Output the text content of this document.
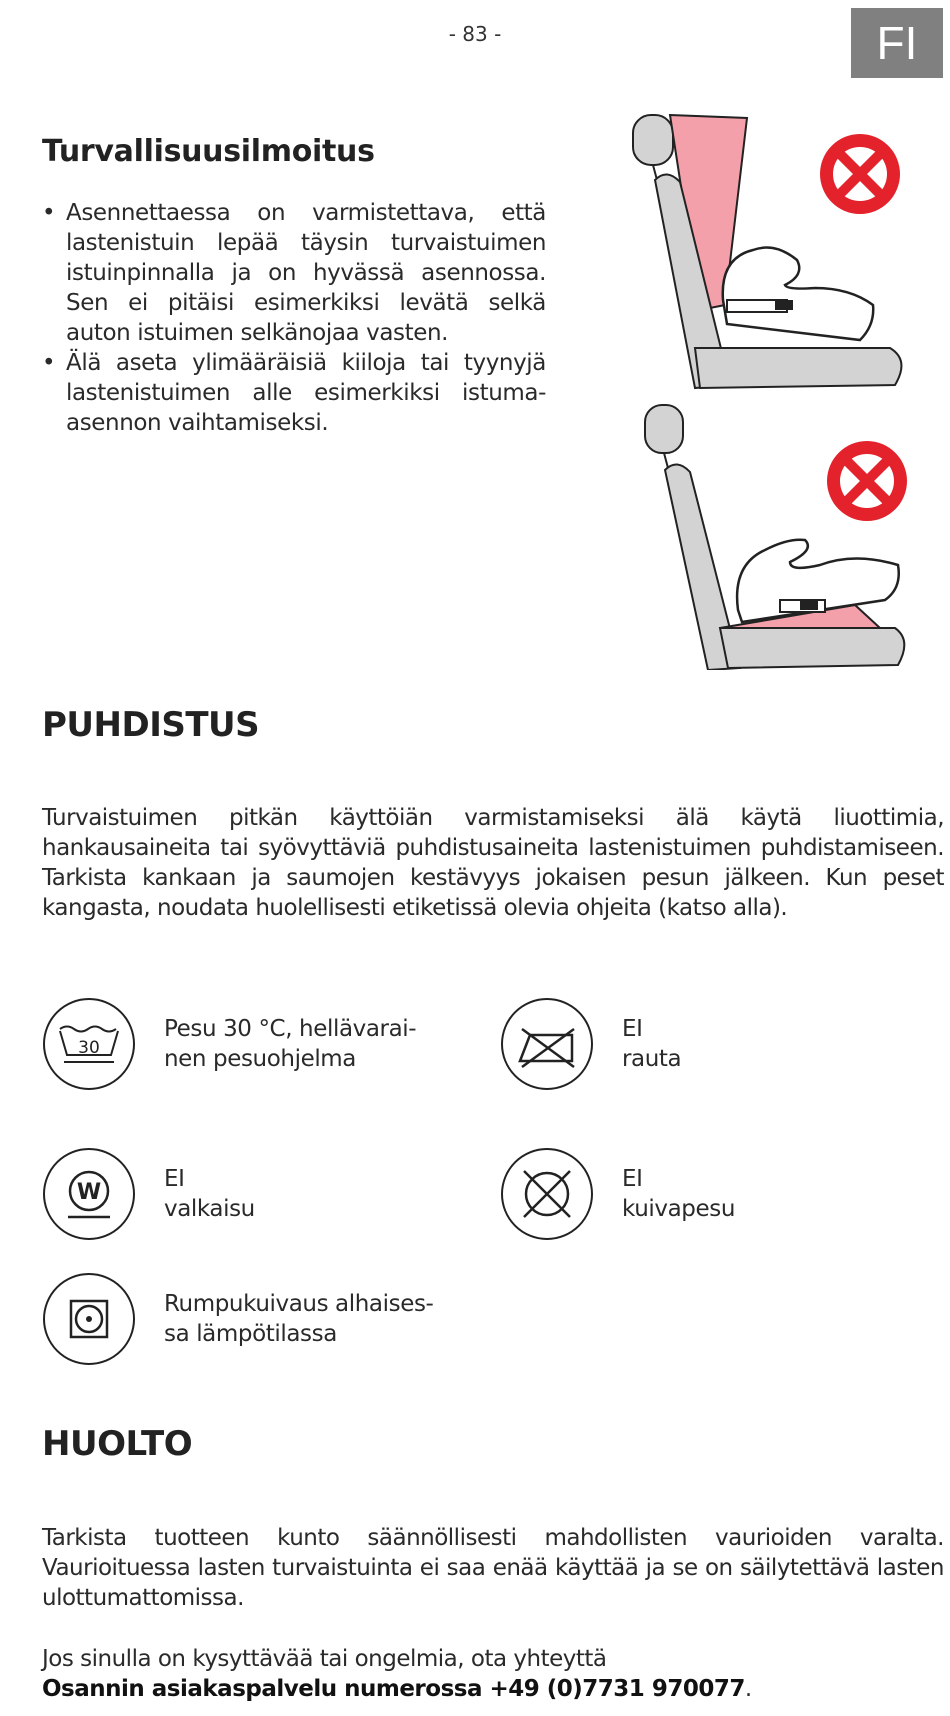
- 83 -	FI
Turvallisuusilmoitus
• Asennettaessa on varmistettava, että lastenistuin lepää täysin turvaistuimen istuinpinnalla ja on hyvässä asennossa. Sen ei pitäisi esimerkiksi levätä selkä auton istuimen selkänojaa vasten.
• Älä aseta ylimääräisiä kiiloja tai tyynyjä lastenistuimen alle esimerkiksi istuma-asennon vaihtamiseksi.
PUHDISTUS

Turvaistuimen pitkän käyttöiän varmistamiseksi älä käytä liuottimia, hankausaineita tai syövyttäviä puhdistusaineita lastenistuimen puhdistamiseen. Tarkista kankaan ja saumojen kestävyys jokaisen pesun jälkeen. Kun peset kangasta, noudata huolellisesti etiketissä olevia ohjeita (katso alla).

30
Pesu 30 °C, hellävarai-
nen pesuohjelma
EI
rauta
W
EI
valkaisu
EI
kuivapesu
Rumpukuivaus alhaises-
sa lämpötilassa
HUOLTO

Tarkista tuotteen kunto säännöllisesti mahdollisten vaurioiden varalta. Vaurioituessa lasten turvaistuinta ei saa enää käyttää ja se on säilytettävä lasten ulottumattomissa.

Jos sinulla on kysyttävää tai ongelmia, ota yhteyttä
Osannin asiakaspalvelu numerossa +49 (0)7731 970077.
